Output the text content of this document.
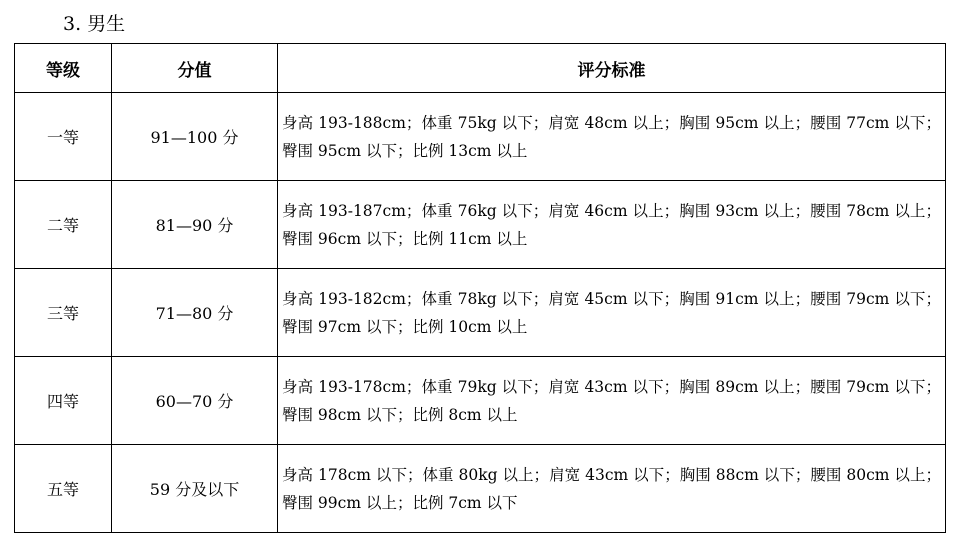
3. 男生
等级	分值	评分标准
一等	91—100 分	身高 193-188cm；体重 75kg 以下；肩宽 48cm 以上；胸围 95cm 以上；腰围 77cm 以下；臀围 95cm 以下；比例 13cm 以上
二等	81—90 分	身高 193-187cm；体重 76kg 以下；肩宽 46cm 以上；胸围 93cm 以上；腰围 78cm 以上；臀围 96cm 以下；比例 11cm 以上
三等	71—80 分	身高 193-182cm；体重 78kg 以下；肩宽 45cm 以下；胸围 91cm 以上；腰围 79cm 以下；臀围 97cm 以下；比例 10cm 以上
四等	60—70 分	身高 193-178cm；体重 79kg 以下；肩宽 43cm 以下；胸围 89cm 以上；腰围 79cm 以下；臀围 98cm 以下；比例 8cm 以上
五等	59 分及以下	身高 178cm 以下；体重 80kg 以上；肩宽 43cm 以下；胸围 88cm 以下；腰围 80cm 以上；臀围 99cm 以上；比例 7cm 以下
